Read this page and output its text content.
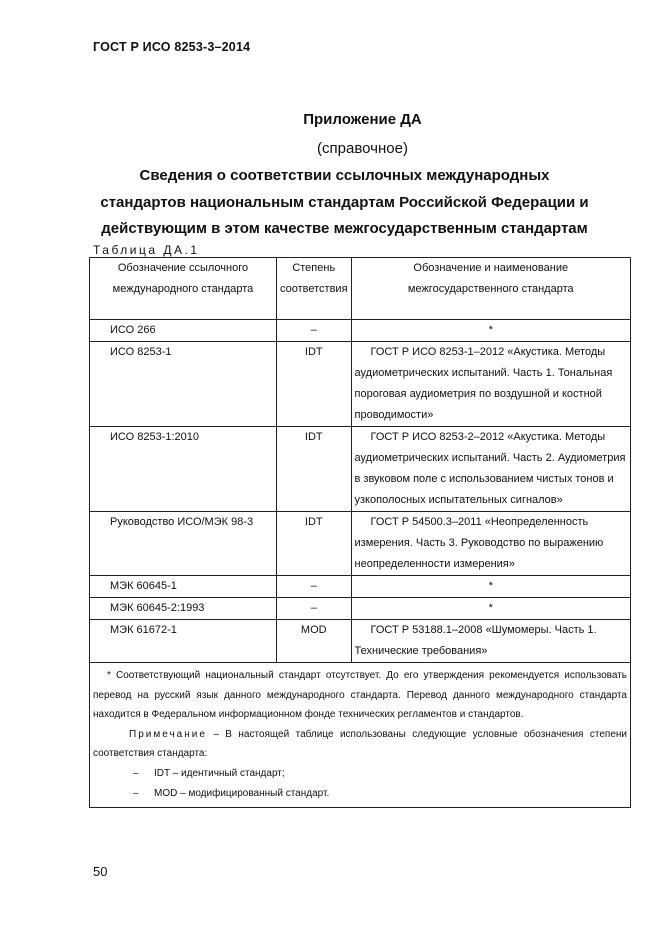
ГОСТ Р ИСО 8253-3–2014
Приложение ДА
(справочное)
Сведения о соответствии ссылочных международных
стандартов национальным стандартам Российской Федерации и
действующим в этом качестве межгосударственным стандартам
Таблица ДА.1
Обозначение ссылочного международного стандарта	Степень соответствия	Обозначение и наименование межгосударственного стандарта
ИСО 266	–	*
ИСО 8253-1	IDT	ГОСТ Р ИСО 8253-1–2012 «Акустика. Методы аудиометрических испытаний. Часть 1. Тональная пороговая аудиометрия по воздушной и костной проводимости»

ИСО 8253-1:2010	IDT	ГОСТ Р ИСО 8253-2–2012 «Акустика. Методы аудиометрических испытаний. Часть 2. Аудиометрия в звуковом поле с использованием чистых тонов и узкополосных испытательных сигналов»

Руководство ИСО/МЭК 98-3	IDT	ГОСТ Р 54500.3–2011 «Неопределенность измерения. Часть 3. Руководство по выражению неопределенности измерения»

МЭК 60645-1	–	*
МЭК 60645-2:1993	–	*
МЭК 61672-1	MOD	ГОСТ Р 53188.1–2008 «Шумомеры. Часть 1. Технические требования»

* Соответствующий национальный стандарт отсутствует. До его утверждения рекомендуется использовать перевод на русский язык данного международного стандарта. Перевод данного международного стандарта находится в Федеральном информационном фонде технических регламентов и стандартов.
Примечание – В настоящей таблице использованы следующие условные обозначения степени соответствия стандарта:
– IDT – идентичный стандарт;
– MOD – модифицированный стандарт.		
50
